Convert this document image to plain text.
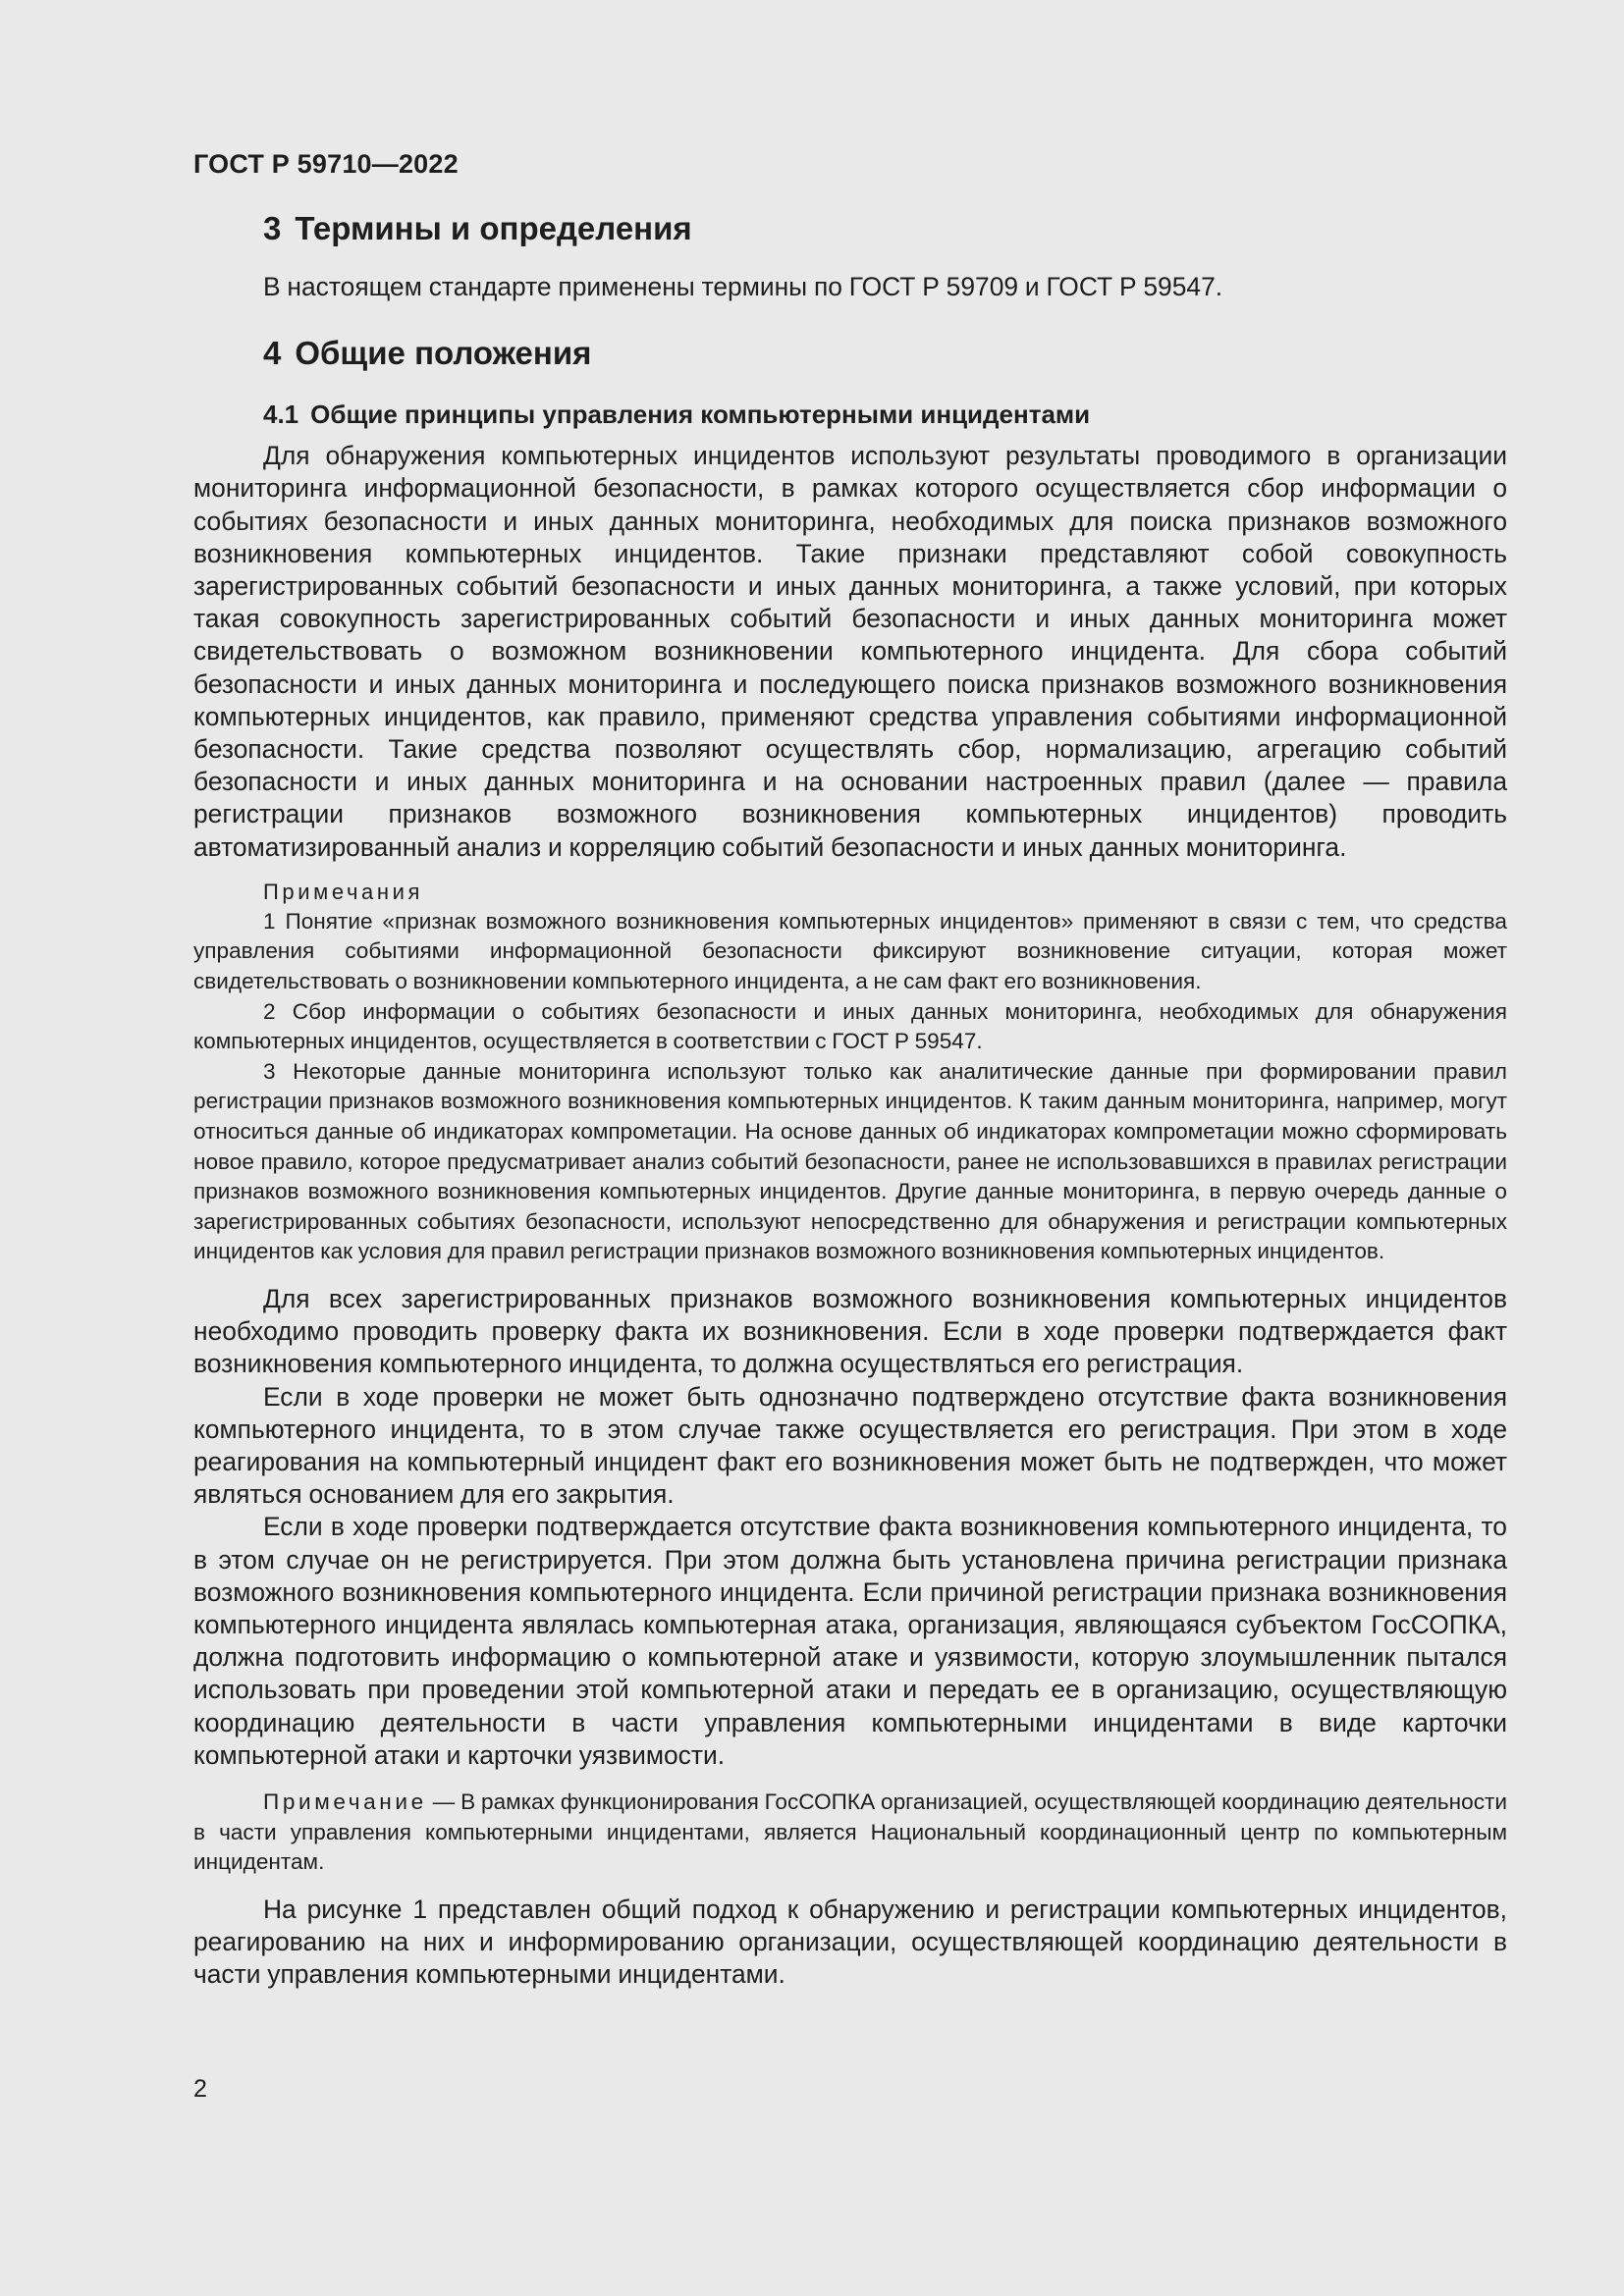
ГОСТ Р 59710—2022
3 Термины и определения

В настоящем стандарте применены термины по ГОСТ Р 59709 и ГОСТ Р 59547.

4 Общие положения
4.1 Общие принципы управления компьютерными инцидентами

Для обнаружения компьютерных инцидентов используют результаты проводимого в организации мониторинга информационной безопасности, в рамках которого осуществляется сбор информации о событиях безопасности и иных данных мониторинга, необходимых для поиска признаков возможного возникновения компьютерных инцидентов. Такие признаки представляют собой совокупность зарегистрированных событий безопасности и иных данных мониторинга, а также условий, при которых такая совокупность зарегистрированных событий безопасности и иных данных мониторинга может свидетельствовать о возможном возникновении компьютерного инцидента. Для сбора событий безопасности и иных данных мониторинга и последующего поиска признаков возможного возникновения компьютерных инцидентов, как правило, применяют средства управления событиями информационной безопасности. Такие средства позволяют осуществлять сбор, нормализацию, агрегацию событий безопасности и иных данных мониторинга и на основании настроенных правил (далее — правила регистрации признаков возможного возникновения компьютерных инцидентов) проводить автоматизированный анализ и корреляцию событий безопасности и иных данных мониторинга.

Примечания

1 Понятие «признак возможного возникновения компьютерных инцидентов» применяют в связи с тем, что средства управления событиями информационной безопасности фиксируют возникновение ситуации, которая может свидетельствовать о возникновении компьютерного инцидента, а не сам факт его возникновения.

2 Сбор информации о событиях безопасности и иных данных мониторинга, необходимых для обнаружения компьютерных инцидентов, осуществляется в соответствии с ГОСТ Р 59547.

3 Некоторые данные мониторинга используют только как аналитические данные при формировании правил регистрации признаков возможного возникновения компьютерных инцидентов. К таким данным мониторинга, например, могут относиться данные об индикаторах компрометации. На основе данных об индикаторах компрометации можно сформировать новое правило, которое предусматривает анализ событий безопасности, ранее не использовавшихся в правилах регистрации признаков возможного возникновения компьютерных инцидентов. Другие данные мониторинга, в первую очередь данные о зарегистрированных событиях безопасности, используют непосредственно для обнаружения и регистрации компьютерных инцидентов как условия для правил регистрации признаков возможного возникновения компьютерных инцидентов.

Для всех зарегистрированных признаков возможного возникновения компьютерных инцидентов необходимо проводить проверку факта их возникновения. Если в ходе проверки подтверждается факт возникновения компьютерного инцидента, то должна осуществляться его регистрация.

Если в ходе проверки не может быть однозначно подтверждено отсутствие факта возникновения компьютерного инцидента, то в этом случае также осуществляется его регистрация. При этом в ходе реагирования на компьютерный инцидент факт его возникновения может быть не подтвержден, что может являться основанием для его закрытия.

Если в ходе проверки подтверждается отсутствие факта возникновения компьютерного инцидента, то в этом случае он не регистрируется. При этом должна быть установлена причина регистрации признака возможного возникновения компьютерного инцидента. Если причиной регистрации признака возникновения компьютерного инцидента являлась компьютерная атака, организация, являющаяся субъектом ГосСОПКА, должна подготовить информацию о компьютерной атаке и уязвимости, которую злоумышленник пытался использовать при проведении этой компьютерной атаки и передать ее в организацию, осуществляющую координацию деятельности в части управления компьютерными инцидентами в виде карточки компьютерной атаки и карточки уязвимости.

Примечание — В рамках функционирования ГосСОПКА организацией, осуществляющей координацию деятельности в части управления компьютерными инцидентами, является Национальный координационный центр по компьютерным инцидентам.

На рисунке 1 представлен общий подход к обнаружению и регистрации компьютерных инцидентов, реагированию на них и информированию организации, осуществляющей координацию деятельности в части управления компьютерными инцидентами.

2
